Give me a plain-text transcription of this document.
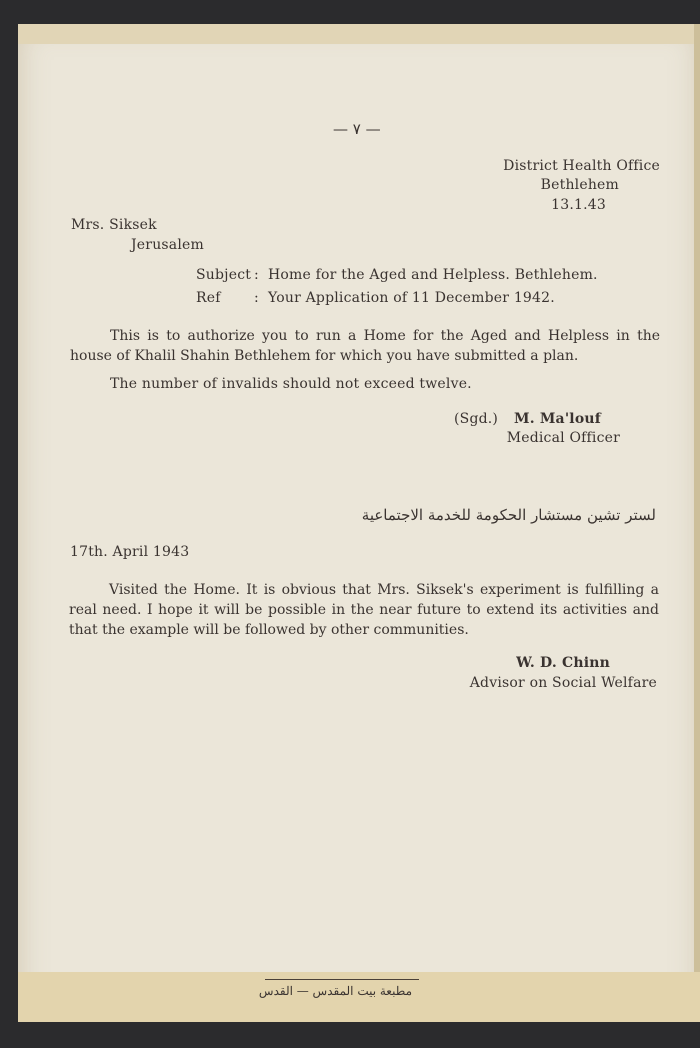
— ٧ —
District Health Office
Bethlehem
13.1.43
Mrs. Siksek
Jerusalem
Subject : Home for the Aged and Helpless. Bethlehem.
Ref : Your Application of 11 December 1942.
This is to authorize you to run a Home for the Aged and Helpless in the house of Khalil Shahin Bethlehem for which you have submitted a plan.
The number of invalids should not exceed twelve.
(Sgd.) M. Ma'louf
Medical Officer
لستر تشين مستشار الحكومة للخدمة الاجتماعية
17th. April 1943
Visited the Home. It is obvious that Mrs. Siksek's experiment is fulfilling a real need. I hope it will be possible in the near future to extend its activities and that the example will be followed by other communities.
W. D. Chinn
Advisor on Social Welfare
مطبعة بيت المقدس — القدس
